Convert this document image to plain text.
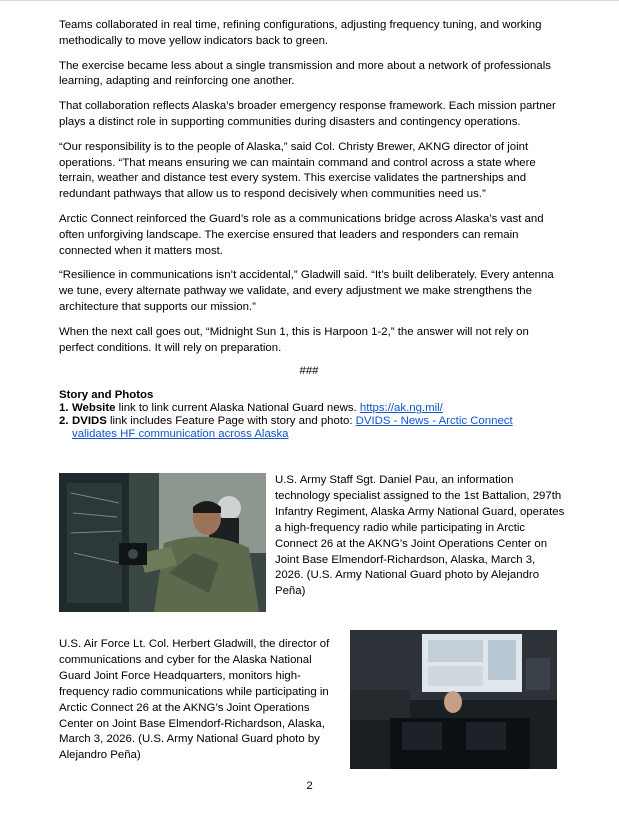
Teams collaborated in real time, refining configurations, adjusting frequency tuning, and working methodically to move yellow indicators back to green.

The exercise became less about a single transmission and more about a network of professionals learning, adapting and reinforcing one another.

That collaboration reflects Alaska’s broader emergency response framework. Each mission partner plays a distinct role in supporting communities during disasters and contingency operations.

“Our responsibility is to the people of Alaska,” said Col. Christy Brewer, AKNG director of joint operations. “That means ensuring we can maintain command and control across a state where terrain, weather and distance test every system. This exercise validates the partnerships and redundant pathways that allow us to respond decisively when communities need us.”

Arctic Connect reinforced the Guard’s role as a communications bridge across Alaska’s vast and often unforgiving landscape. The exercise ensured that leaders and responders can remain connected when it matters most.

“Resilience in communications isn’t accidental,” Gladwill said. “It’s built deliberately. Every antenna we tune, every alternate pathway we validate, and every adjustment we make strengthens the architecture that supports our mission.”

When the next call goes out, “Midnight Sun 1, this is Harpoon 1-2,” the answer will not rely on perfect conditions. It will rely on preparation.

###
Story and Photos
1. Website link to link current Alaska National Guard news. https://ak.ng.mil/
2. DVIDS link includes Feature Page with story and photo: DVIDS - News - Arctic Connect validates HF communication across Alaska
U.S. Army Staff Sgt. Daniel Pau, an information technology specialist assigned to the 1st Battalion, 297th Infantry Regiment, Alaska Army National Guard, operates a high-frequency radio while participating in Arctic Connect 26 at the AKNG’s Joint Operations Center on Joint Base Elmendorf-Richardson, Alaska, March 3, 2026. (U.S. Army National Guard photo by Alejandro Peña)
U.S. Air Force Lt. Col. Herbert Gladwill, the director of communications and cyber for the Alaska National Guard Joint Force Headquarters, monitors high-frequency radio communications while participating in Arctic Connect 26 at the AKNG’s Joint Operations Center on Joint Base Elmendorf-Richardson, Alaska, March 3, 2026. (U.S. Army National Guard photo by Alejandro Peña)
2
